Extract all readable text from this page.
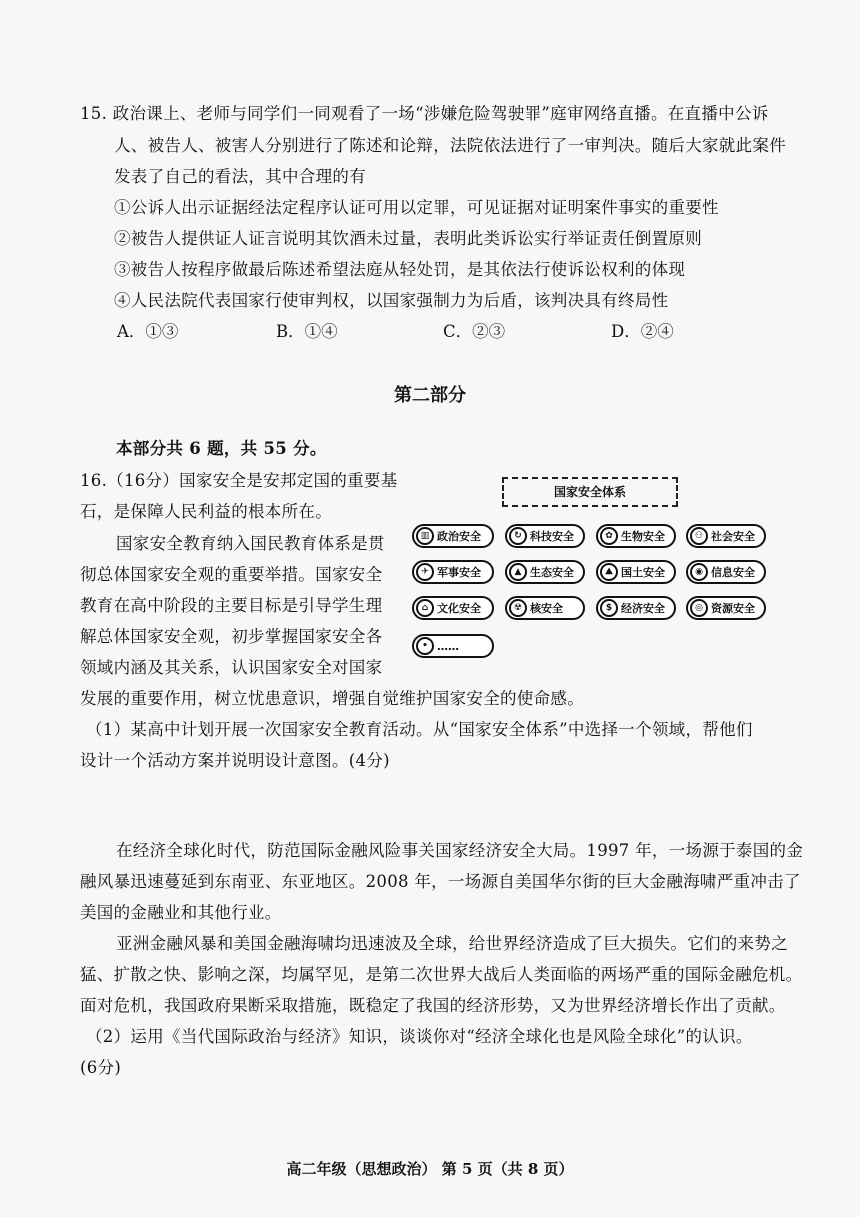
15. 政治课上、老师与同学们一同观看了一场“涉嫌危险驾驶罪”庭审网络直播。在直播中公诉
人、被告人、被害人分别进行了陈述和论辩，法院依法进行了一审判决。随后大家就此案件
发表了自己的看法，其中合理的有
①公诉人出示证据经法定程序认证可用以定罪，可见证据对证明案件事实的重要性
②被告人提供证人证言说明其饮酒未过量，表明此类诉讼实行举证责任倒置原则
③被告人按程序做最后陈述希望法庭从轻处罚，是其依法行使诉讼权利的体现
④人民法院代表国家行使审判权，以国家强制力为后盾，该判决具有终局性
A．①③	B．①④	C．②③	D．②④
第二部分
本部分共 6 题，共 55 分。
16.（16分）国家安全是安邦定国的重要基
石，是保障人民利益的根本所在。
国家安全教育纳入国民教育体系是贯
彻总体国家安全观的重要举措。国家安全
教育在高中阶段的主要目标是引导学生理
解总体国家安全观，初步掌握国家安全各
领域内涵及其关系，认识国家安全对国家
发展的重要作用，树立忧患意识，增强自觉维护国家安全的使命感。
（1）某高中计划开展一次国家安全教育活动。从“国家安全体系”中选择一个领域，帮他们
设计一个活动方案并说明设计意图。(4分)
在经济全球化时代，防范国际金融风险事关国家经济安全大局。1997 年，一场源于泰国的金
融风暴迅速蔓延到东南亚、东亚地区。2008 年，一场源自美国华尔街的巨大金融海啸严重冲击了
美国的金融业和其他行业。
亚洲金融风暴和美国金融海啸均迅速波及全球，给世界经济造成了巨大损失。它们的来势之
猛、扩散之快、影响之深，均属罕见，是第二次世界大战后人类面临的两场严重的国际金融危机。
面对危机，我国政府果断采取措施，既稳定了我国的经济形势，又为世界经济增长作出了贡献。
（2）运用《当代国际政治与经济》知识，谈谈你对“经济全球化也是风险全球化”的认识。
(6分)
国家安全体系
▥ 政治安全	↻ 科技安全	✿ 生物安全	⚇ 社会安全
✈ 军事安全	▲ 生态安全	⛰ 国土安全	◉ 信息安全
⌂ 文化安全	☢ 核安全	$ 经济安全	◎ 资源安全
• ……
高二年级（思想政治） 第 5 页（共 8 页）
